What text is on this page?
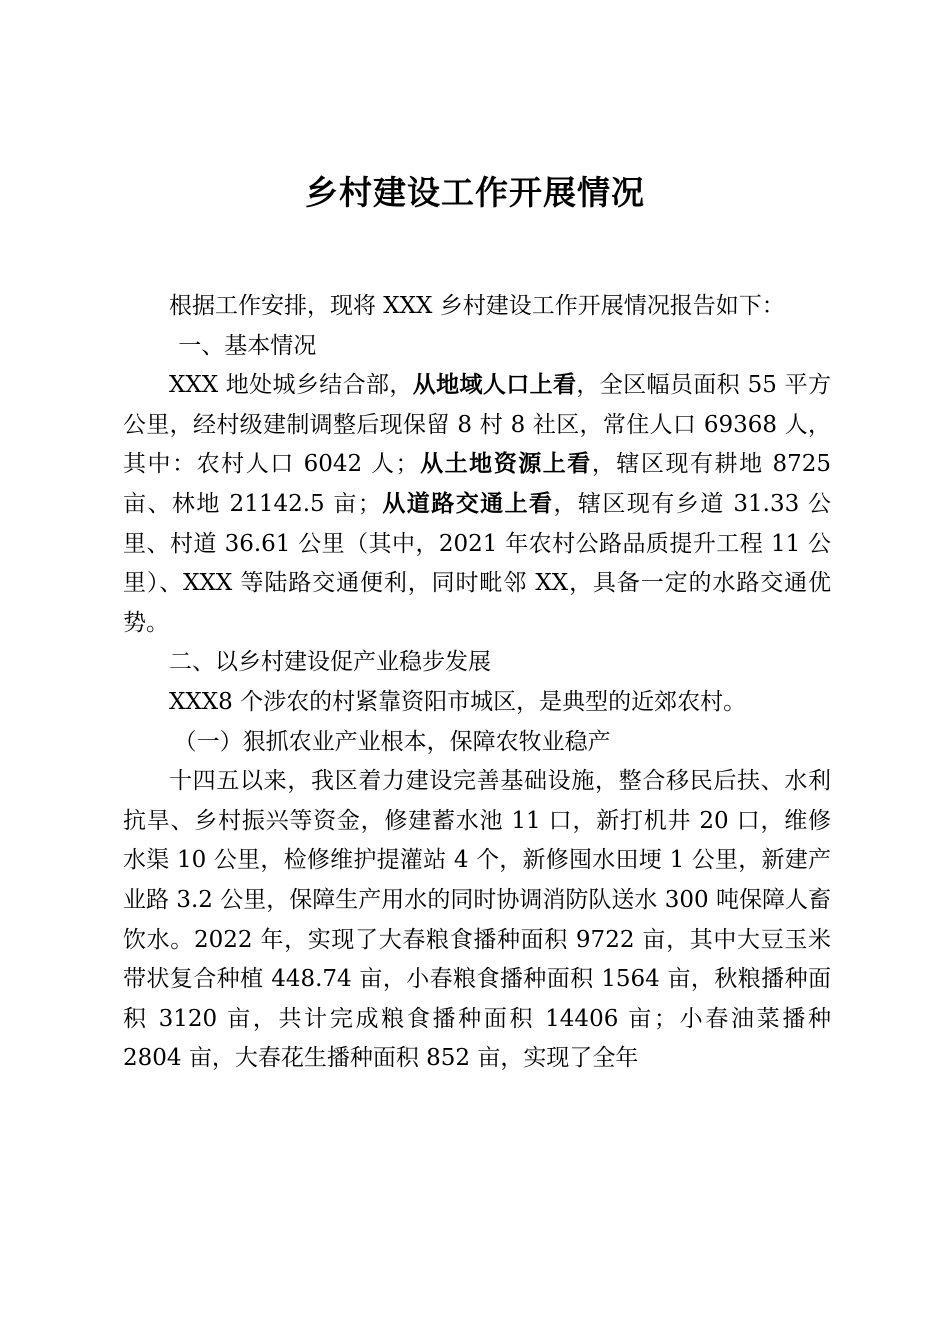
乡村建设工作开展情况

根据工作安排，现将 XXX 乡村建设工作开展情况报告如下：

一、基本情况

XXX 地处城乡结合部，从地域人口上看，全区幅员面积 55 平方公里，经村级建制调整后现保留 8 村 8 社区，常住人口 69368 人，其中：农村人口 6042 人；从土地资源上看，辖区现有耕地 8725 亩、林地 21142.5 亩；从道路交通上看，辖区现有乡道 31.33 公里、村道 36.61 公里（其中，2021 年农村公路品质提升工程 11 公里）、XXX 等陆路交通便利，同时毗邻 XX，具备一定的水路交通优势。

二、以乡村建设促产业稳步发展

XXX8 个涉农的村紧靠资阳市城区，是典型的近郊农村。

（一）狠抓农业产业根本，保障农牧业稳产

十四五以来，我区着力建设完善基础设施，整合移民后扶、水利抗旱、乡村振兴等资金，修建蓄水池 11 口，新打机井 20 口，维修水渠 10 公里，检修维护提灌站 4 个，新修囤水田埂 1 公里，新建产业路 3.2 公里，保障生产用水的同时协调消防队送水 300 吨保障人畜饮水。2022 年，实现了大春粮食播种面积 9722 亩，其中大豆玉米带状复合种植 448.74 亩，小春粮食播种面积 1564 亩，秋粮播种面积 3120 亩，共计完成粮食播种面积 14406 亩；小春油菜播种 2804 亩，大春花生播种面积 852 亩，实现了全年
